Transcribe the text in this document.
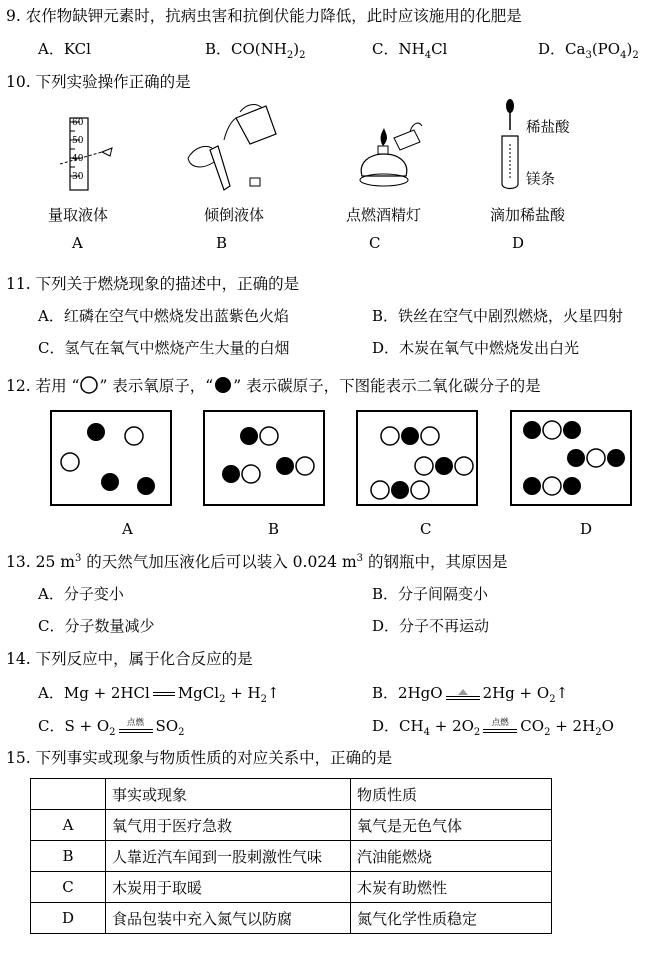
9. 农作物缺钾元素时，抗病虫害和抗倒伏能力降低，此时应该施用的化肥是
A．KCl	B．$CO(NH_2)_2$	C．$NH_4Cl$	D．$Ca_3(PO_4)_2$
10. 下列实验操作正确的是
60
50
40
30
稀盐酸
镁条
量取液体	倾倒液体	点燃酒精灯	滴加稀盐酸
A	B	C	D
11. 下列关于燃烧现象的描述中，正确的是
A．红磷在空气中燃烧发出蓝紫色火焰	B．铁丝在空气中剧烈燃烧，火星四射
C．氢气在氧气中燃烧产生大量的白烟	D．木炭在氧气中燃烧发出白光
12. 若用 “ ” 表示氧原子，“ ” 表示碳原子，下图能表示二氧化碳分子的是
A	B	C	D
13. 25 $m^3$ 的天然气加压液化后可以装入 0.024 $m^3$ 的钢瓶中，其原因是
A．分子变小	B．分子间隔变小
C．分子数量减少	D．分子不再运动
14. 下列反应中，属于化合反应的是
A．Mg + 2HCl MgCl$_2$ + $H_2↑$	B．2HgO	$2Hg + O_2↑$
C．$S + O_2$
点燃 $SO_2$	D．$CH_4 + 2O_2$
点燃 $CO_2 + 2H_2O$
15. 下列事实或现象与物质性质的对应关系中，正确的是
	事实或现象	物质性质
A	氧气用于医疗急救	氧气是无色气体
B	人靠近汽车闻到一股刺激性气味	汽油能燃烧
C	木炭用于取暖	木炭有助燃性
D	食品包装中充入氮气以防腐	氮气化学性质稳定
